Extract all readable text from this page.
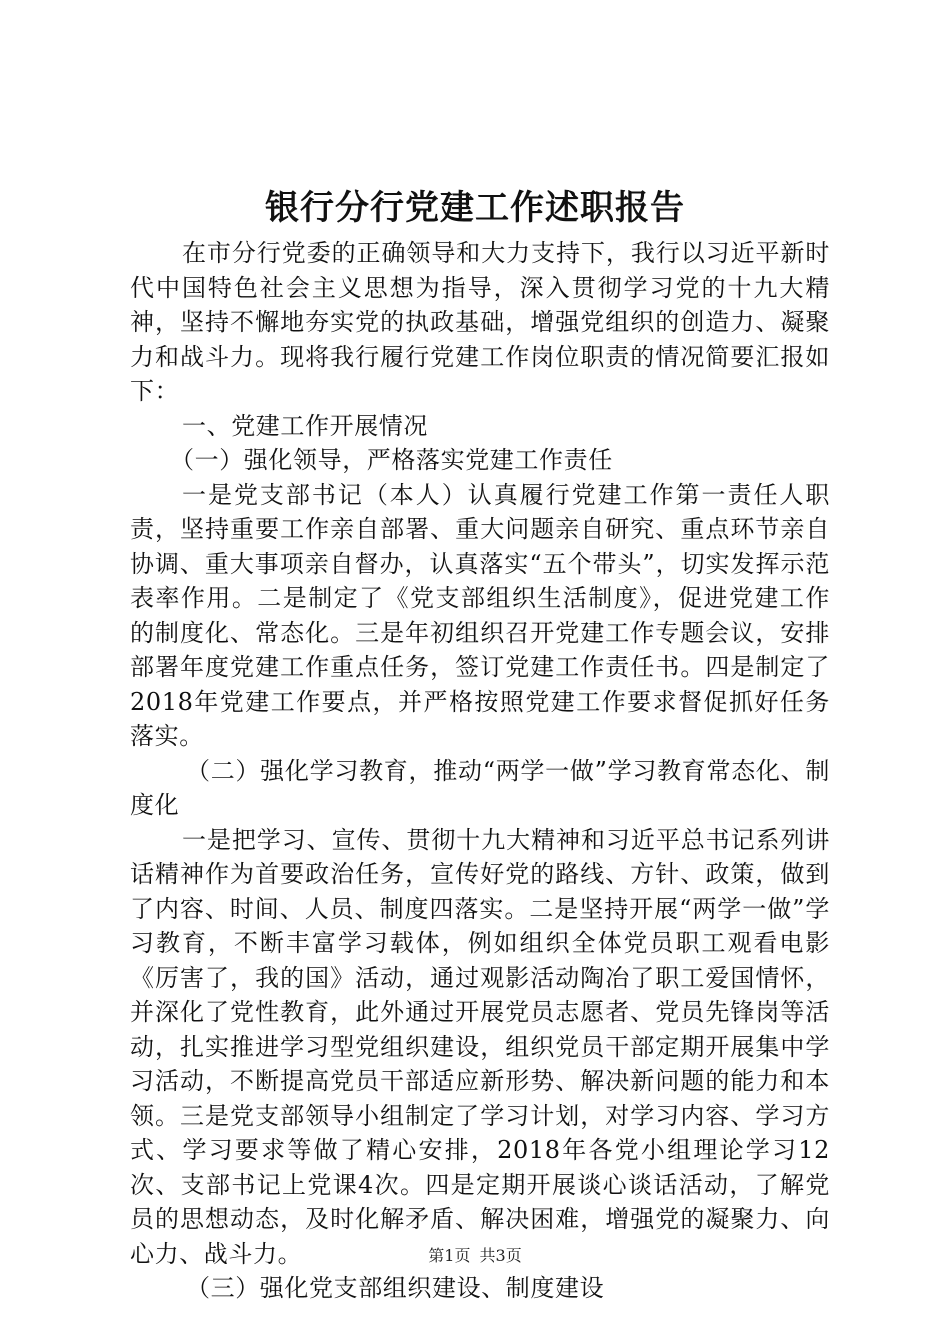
银行分行党建工作述职报告

在市分行党委的正确领导和大力支持下，我行以习近平新时代中国特色社会主义思想为指导，深入贯彻学习党的十九大精神，坚持不懈地夯实党的执政基础，增强党组织的创造力、凝聚力和战斗力。现将我行履行党建工作岗位职责的情况简要汇报如下：

一、党建工作开展情况

（一）强化领导，严格落实党建工作责任

一是党支部书记（本人）认真履行党建工作第一责任人职责，坚持重要工作亲自部署、重大问题亲自研究、重点环节亲自协调、重大事项亲自督办，认真落实“五个带头”，切实发挥示范表率作用。二是制定了《党支部组织生活制度》，促进党建工作的制度化、常态化。三是年初组织召开党建工作专题会议，安排部署年度党建工作重点任务，签订党建工作责任书。四是制定了2018年党建工作要点，并严格按照党建工作要求督促抓好任务落实。

（二）强化学习教育，推动“两学一做”学习教育常态化、制度化

一是把学习、宣传、贯彻十九大精神和习近平总书记系列讲话精神作为首要政治任务，宣传好党的路线、方针、政策，做到了内容、时间、人员、制度四落实。二是坚持开展“两学一做”学习教育，不断丰富学习载体，例如组织全体党员职工观看电影《厉害了，我的国》活动，通过观影活动陶冶了职工爱国情怀，并深化了党性教育，此外通过开展党员志愿者、党员先锋岗等活动，扎实推进学习型党组织建设，组织党员干部定期开展集中学习活动，不断提高党员干部适应新形势、解决新问题的能力和本领。三是党支部领导小组制定了学习计划，对学习内容、学习方式、学习要求等做了精心安排，2018年各党小组理论学习12次、支部书记上党课4次。四是定期开展谈心谈话活动，了解党员的思想动态，及时化解矛盾、解决困难，增强党的凝聚力、向心力、战斗力。

（三）强化党支部组织建设、制度建设

第1页 共3页
